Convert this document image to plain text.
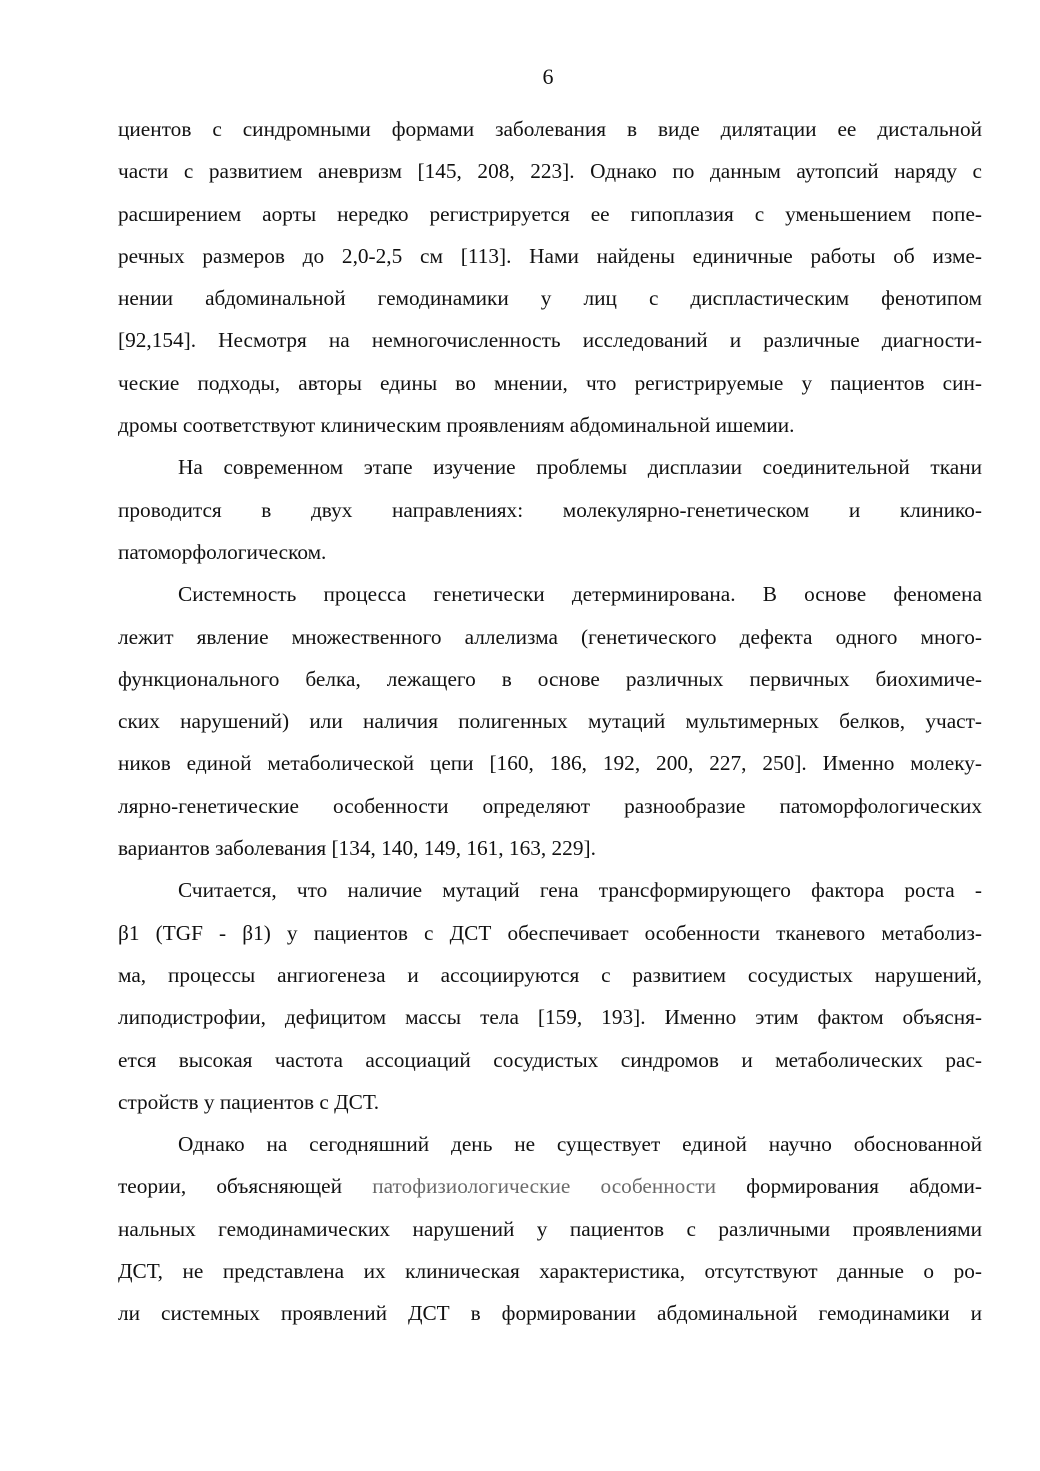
6
циентов с синдромными формами заболевания в виде дилятации ее дистальной
части с развитием аневризм [145, 208, 223]. Однако по данным аутопсий наряду с
расширением аорты нередко регистрируется ее гипоплазия с уменьшением попе-
речных размеров до 2,0-2,5 см [113]. Нами найдены единичные работы об изме-
нении абдоминальной гемодинамики у лиц с диспластическим фенотипом
[92,154]. Несмотря на немногочисленность исследований и различные диагности-
ческие подходы, авторы едины во мнении, что регистрируемые у пациентов син-
дромы соответствуют клиническим проявлениям абдоминальной ишемии.
На современном этапе изучение проблемы дисплазии соединительной ткани
проводится в двух направлениях: молекулярно-генетическом и клинико-
патоморфологическом.
Системность процесса генетически детерминирована. В основе феномена
лежит явление множественного аллелизма (генетического дефекта одного много-
функционального белка, лежащего в основе различных первичных биохимиче-
ских нарушений) или наличия полигенных мутаций мультимерных белков, участ-
ников единой метаболической цепи [160, 186, 192, 200, 227, 250]. Именно молеку-
лярно-генетические особенности определяют разнообразие патоморфологических
вариантов заболевания [134, 140, 149, 161, 163, 229].
Считается, что наличие мутаций гена трансформирующего фактора роста -
β1 (TGF - β1) у пациентов с ДСТ обеспечивает особенности тканевого метаболиз-
ма, процессы ангиогенеза и ассоциируются с развитием сосудистых нарушений,
липодистрофии, дефицитом массы тела [159, 193]. Именно этим фактом объясня-
ется высокая частота ассоциаций сосудистых синдромов и метаболических рас-
стройств у пациентов с ДСТ.
Однако на сегодняшний день не существует единой научно обоснованной
теории, объясняющей патофизиологические особенности формирования абдоми-
нальных гемодинамических нарушений у пациентов с различными проявлениями
ДСТ, не представлена их клиническая характеристика, отсутствуют данные о ро-
ли системных проявлений ДСТ в формировании абдоминальной гемодинамики и
